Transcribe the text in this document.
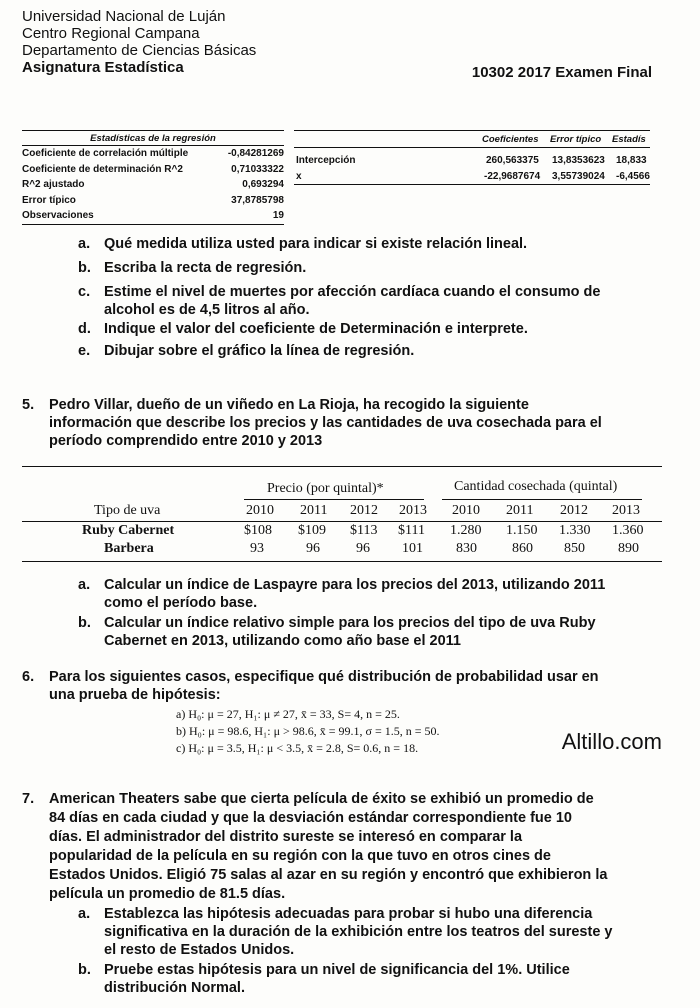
Universidad Nacional de Luján
Centro Regional Campana
Departamento de Ciencias Básicas
Asignatura Estadística	10302 2017 Examen Final
Estadísticas de la regresión
Coeficiente de correlación múltiple	-0,84281269
Coeficiente de determinación R^2	0,71033322
R^2 ajustado	0,693294
Error típico	37,8785798
Observaciones	19
Coeficientes Error típico Estadís
Intercepción	260,563375 13,8353623 18,833
x	-22,9687674 3,55739024 -6,4566
a. Qué medida utiliza usted para indicar si existe relación lineal.
b. Escriba la recta de regresión.
c. Estime el nivel de muertes por afección cardíaca cuando el consumo de
alcohol es de 4,5 litros al año.
d. Indique el valor del coeficiente de Determinación e interprete.
e. Dibujar sobre el gráfico la línea de regresión.
5. Pedro Villar, dueño de un viñedo en La Rioja, ha recogido la siguiente
información que describe los precios y las cantidades de uva cosechada para el
período comprendido entre 2010 y 2013
Precio (por quintal)*	Cantidad cosechada (quintal)
Tipo de uva	2010 2011 2012 2013 2010 2011 2012 2013
Ruby Cabernet	$108 $109 $113 $111 1.280 1.150 1.330 1.360
Barbera	93	96	96 101 830	860 850 890
a. Calcular un índice de Laspayre para los precios del 2013, utilizando 2011
como el período base.
b. Calcular un índice relativo simple para los precios del tipo de uva Ruby
Cabernet en 2013, utilizando como año base el 2011
6. Para los siguientes casos, especifique qué distribución de probabilidad usar en
una prueba de hipótesis:
a) H₀: μ = 27, H₁: μ ≠ 27, x̄ = 33, S= 4, n = 25.
b) H₀: μ = 98.6, H₁: μ > 98.6, x̄ = 99.1, σ = 1.5, n = 50.
c) H₀: μ = 3.5, H₁: μ < 3.5, x̄ = 2.8, S= 0.6, n = 18.	Altillo.com
7. American Theaters sabe que cierta película de éxito se exhibió un promedio de
84 días en cada ciudad y que la desviación estándar correspondiente fue 10
días. El administrador del distrito sureste se interesó en comparar la
popularidad de la película en su región con la que tuvo en otros cines de
Estados Unidos. Eligió 75 salas al azar en su región y encontró que exhibieron la
película un promedio de 81.5 días.
a. Establezca las hipótesis adecuadas para probar si hubo una diferencia
significativa en la duración de la exhibición entre los teatros del sureste y
el resto de Estados Unidos.
b. Pruebe estas hipótesis para un nivel de significancia del 1%. Utilice
distribución Normal.
